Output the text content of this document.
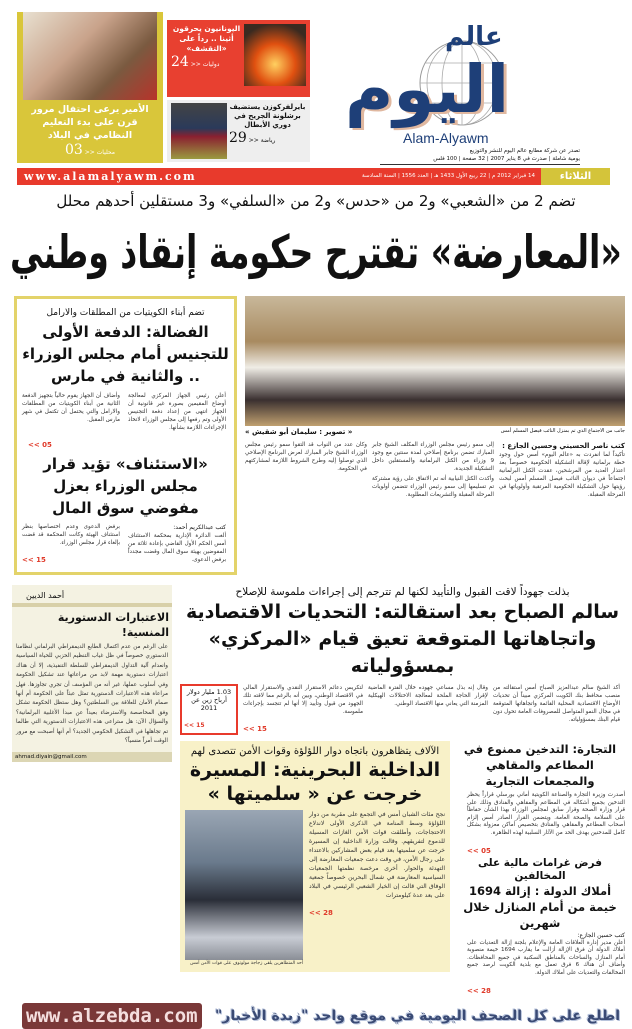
الأمير يرعى احتفال مرور قرن على بدء التعليم النظامي في البلاد
محليات << 03
اليونانيون يحرقون أثينا .. رداً على «التقشف»
دوليات << 24
بايرلفركوزن يستضيف برشلونة الجريح في دوري الأبطال
رياضة << 29
عالم
اليوم
Alam-Alyawm
تصدر عن شركة مطابع عالم اليوم للنشر والتوزيع
يومية شاملة | صدرت في 8 يناير 2007 | 32 صفحة | 100 فلس
www.alamalyawm.com	14 فبراير 2012 م | 22 ربيع الأول 1433 هـ | العدد 1556 | السنة السادسة	الثلاثاء
تضم 2 من «الشعبي» و2 من «حدس» و2 من «السلفي» و3 مستقلين أحدهم محلل
«المعارضة» تقترح حكومة إنقاذ وطني
تضم أبناء الكويتيات من المطلقات والارامل
الفضالة: الدفعة الأولى للتجنيس أمام مجلس الوزراء .. والثانية في مارس
وأضاف أن الجهاز يقوم حالياً بتجهيز الدفعة الثانية من أبناء الكويتيات من المطلقات والارامل والتي يحتمل أن تكتمل في شهر مارس المقبل.
أعلن رئيس الجهاز المركزي لمعالجة أوضاع المقيمين بصورة غير قانونية أن الجهاز انتهى من إعداد دفعة التجنيس الأولى وتم رفعها إلى مجلس الوزراء لاتخاذ الإجراءات اللازمة بشأنها.
<< 05
«الاستئناف» تؤيد قرار مجلس الوزراء بعزل مفوضي سوق المال
برفض الدعوى وعدم اختصاصها بنظر استئناف الهيئة وكانت المحكمة قد قضت بإلغاء قرار مجلس الوزراء.
<< 15
كتب عبدالكريم أحمد:
ألغت الدائرة الإدارية بمحكمة الاستئناف أمس الحكم الأول القاضي بإعادة ثلاثة من المفوضين بهيئة سوق المال وقضت مجدداً برفض الدعوى.
« تصوير : سليمان أبو شقيش »	جانب من الاجتماع الذي تم بمنزل النائب فيصل المسلم أمس
وكان عدد من النواب قد التقوا سمو رئيس مجلس الوزراء الشيخ جابر المبارك لعرض البرنامج الإصلاحي الذي توصلوا إليه وطرح الشروط اللازمة لمشاركتهم في الحكومة.
إلى سمو رئيس مجلس الوزراء المكلف الشيخ جابر المبارك تضمن برنامج إصلاحي لمدة سنتين مع وجود 9 وزراء من الكتل البرلمانية والمستقلين داخل التشكيلة الجديدة.
وأكدت الكتل النيابية أنه تم الاتفاق على رؤية مشتركة تم تسليمها إلى سمو رئيس الوزراء تتضمن أولويات المرحلة المقبلة والتشريعات المطلوبة.
كتب ناصر الحسيني وحسين الجازع :
تأكيداً لما انفردت به «عالم اليوم» أمس حول وجود خطة برلمانية لإقالة التشكيلة الحكومية خصوصاً بعد اعتذار العديد من المرشحين، عقدت الكتل البرلمانية اجتماعاً في ديوان النائب فيصل المسلم أمس لبحث رؤيتها حول التشكيلة الحكومية المرتقبة وأولوياتها في المرحلة المقبلة.
أحمد الديين
الاعتبارات الدستورية المنسية!
على الرغم من عدم اكتمال الطابع الديمقراطي البرلماني لنظامنا الدستوري خصوصاً في ظل غياب التنظيم الحزبي للحياة السياسية وانعدام آلية التداول الديمقراطي للسلطة التنفيذية، إلا أن هناك اعتبارات دستورية مهمة لابد من مراعاتها عند تشكيل الحكومة وفي أسلوب عملها، غير أنه من المؤسف أن تجري تجاوزها. فهل مراعاة هذه الاعتبارات الدستورية تمثل عبئاً على الحكومة أم أنها صمام الأمان للعلاقة بين السلطتين؟ وهل ستظل الحكومة تشكل وفق المحاصصة والاسترضاء بعيداً عن مبدأ الأغلبية البرلمانية؟ والسؤال الآن: هل ستراعى هذه الاعتبارات الدستورية التي طالما تم تجاهلها في التشكيل الحكومي الجديد؟ أم أنها أصبحت مع مرور الوقت أمراً منسياً؟
ahmad.diyain@gmail.com
بذلت جهوداً لاقت القبول والتأييد لكنها لم تترجم إلى إجراءات ملموسة للإصلاح
سالم الصباح بعد استقالته: التحديات الاقتصادية واتجاهاتها المتوقعة تعيق قيام «المركزي» بمسؤولياته
1.03 مليار دولار أرباح زين عن 2011
<< 15
لتكريس دعائم الاستقرار النقدي والاستقرار المالي في الاقتصاد الوطني، وبين أنه بالرغم مما لاقته تلك الجهود من قبول وتأييد إلا أنها لم تتجسد بإجراءات ملموسة.
<< 15
وقال إنه بذل مساعي جهوده خلال الفترة الماضية لإقرار الحاجة الملحة لمعالجة الاختلالات الهيكلية المزمنة التي يعاني منها الاقتصاد الوطني.
أكد الشيخ سالم عبدالعزيز الصباح أمس استقالته من منصب محافظ بنك الكويت المركزي مبيناً أن تحديات الأوضاع الاقتصادية المحلية القائمة واتجاهاتها المتوقعة في مجال النمو المتواصل للمصروفات العامة تحول دون قيام البنك بمسؤولياته.
الآلاف يتظاهرون باتجاه دوار اللؤلؤة وقوات الأمن تتصدى لهم
الداخلية البحرينية: المسيرة خرجت عن « سلميتها »
أحد المتظاهرين يلقي زجاجة مولوتوف على قوات الأمن أمس
نجح مئات الشبان أمس في التجمع على مقربة من دوار اللؤلؤة وسط المنامة في الذكرى الأولى لاندلاع الاحتجاجات، وأطلقت قوات الأمن الغازات المسيلة للدموع لتفريقهم. وقالت وزارة الداخلية إن المسيرة خرجت عن سلميتها بعد قيام بعض المشاركين بالاعتداء على رجال الأمن، في وقت دعت جمعيات المعارضة إلى التهدئة والحوار. أخرى مرخصة نظمتها الجمعيات السياسية المعارضة في شمال البحرين خصوصاً جمعية الوفاق التي قالت إن الخيار الشعبي الرئيسي في البلاد على بعد عدة كيلومترات
<< 28
التجارة: التدخين ممنوع في المطاعم والمقاهي والمجمعات التجارية
أصدرت وزيرة التجارة والصناعة الكويتية أماني بورسلي قراراً يحظر التدخين بجميع أشكاله في المطاعم والمقاهي والفنادق وذلك على قرار وزارة الصحة وقرار سابق لمجلس الوزراء بهذا الشأن حفاظاً على السلامة والصحة العامة. ويتضمن القرار الصادر أمس إلزام أصحاب المطاعم والمقاهي والفنادق بتخصيص أماكن معزولة بشكل كامل للمدخنين بهدف الحد من الآثار السلبية لهذه الظاهرة.
<< 05
فرض غرامات مالية على المخالفين
أملاك الدولة : إزالة 1694 خيمة من أمام المنازل خلال شهرين
كتب حسين الجازع:
أعلن مدير إدارة العلاقات العامة والإعلام بلجنة إزالة التعديات على أملاك الدولة أن فرق الإزالة أزالت ما يقارب 1694 خيمة منصوبة أمام المنازل والساحات بالمناطق السكنية في جميع المحافظات. وأضاف أن هناك 6 فرق تعمل مع بلدية الكويت لرصد جميع المخالفات والتعديات على أملاك الدولة.
<< 28
www.alzebda.com اطلع على كل الصحف اليومية في موقع واحد "زبدة الأخبار"
